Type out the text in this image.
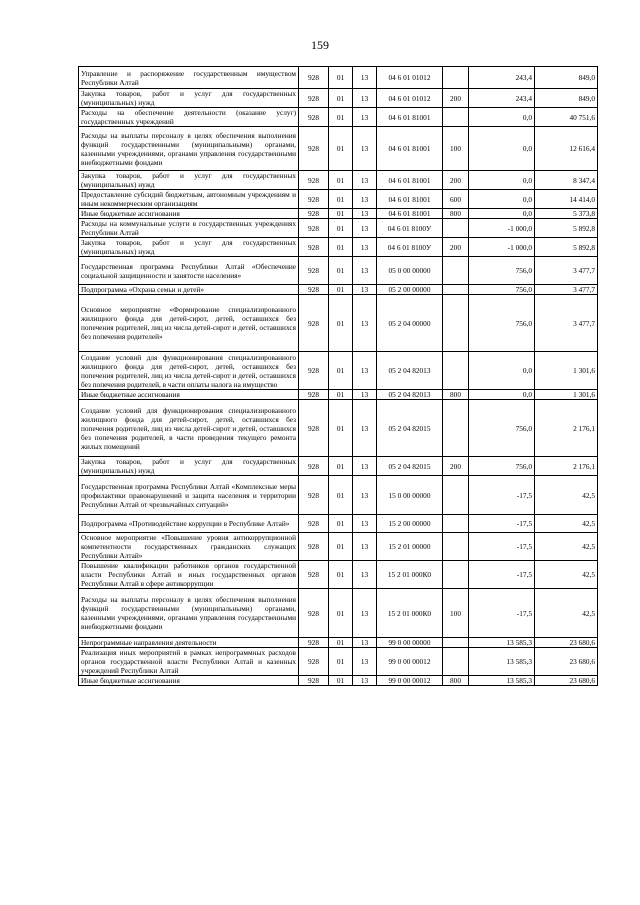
159
Управление и распоряжение государственным имуществом Республики Алтай	928	01	13	04 6 01 01012		243,4	849,0
Закупка товаров, работ и услуг для государственных (муниципальных) нужд	928	01	13	04 6 01 01012	200	243,4	849,0
Расходы на обеспечение деятельности (оказание услуг) государственных учреждений	928	01	13	04 6 01 81001		0,0	40 751,6
Расходы на выплаты персоналу в целях обеспечения выполнения функций государственными (муниципальными) органами, казенными учреждениями, органами управления государственными внебюджетными фондами	928	01	13	04 6 01 81001	100	0,0	12 616,4
Закупка товаров, работ и услуг для государственных (муниципальных) нужд	928	01	13	04 6 01 81001	200	0,0	8 347,4
Предоставление субсидий бюджетным, автономным учреждениям и иным некоммерческим организациям	928	01	13	04 6 01 81001	600	0,0	14 414,0
Иные бюджетные ассигнования	928	01	13	04 6 01 81001	800	0,0	5 373,8
Расходы на коммунальные услуги в государственных учреждениях Республики Алтай	928	01	13	04 6 01 8100У		-1 000,0	5 892,8
Закупка товаров, работ и услуг для государственных (муниципальных) нужд	928	01	13	04 6 01 8100У	200	-1 000,0	5 892,8
Государственная программа Республики Алтай «Обеспечение социальной защищенности и занятости населения»	928	01	13	05 0 00 00000		756,0	3 477,7
Подпрограмма «Охрана семьи и детей»	928	01	13	05 2 00 00000		756,0	3 477,7
Основное мероприятие «Формирование специализированного жилищного фонда для детей-сирот, детей, оставшихся без попечения родителей, лиц из числа детей-сирот и детей, оставшихся без попечения родителей»	928	01	13	05 2 04 00000		756,0	3 477,7
Создание условий для функционирования специализированного жилищного фонда для детей-сирот, детей, оставшихся без попечения родителей, лиц из числа детей-сирот и детей, оставшихся без попечения родителей, в части оплаты налога на имущество	928	01	13	05 2 04 82013		0,0	1 301,6
Иные бюджетные ассигнования	928	01	13	05 2 04 82013	800	0,0	1 301,6
Создание условий для функционирования специализированного жилищного фонда для детей-сирот, детей, оставшихся без попечения родителей, лиц из числа детей-сирот и детей, оставшихся без попечения родителей, в части проведения текущего ремонта жилых помещений	928	01	13	05 2 04 82015		756,0	2 176,1
Закупка товаров, работ и услуг для государственных (муниципальных) нужд	928	01	13	05 2 04 82015	200	756,0	2 176,1
Государственная программа Республики Алтай «Комплексные меры профилактики правонарушений и защита населения и территории Республики Алтай от чрезвычайных ситуаций»	928	01	13	15 0 00 00000		-17,5	42,5
Подпрограмма «Противодействие коррупции в Республике Алтай»	928	01	13	15 2 00 00000		-17,5	42,5
Основное мероприятие «Повышение уровня антикоррупционной компетентности государственных гражданских служащих Республики Алтай»	928	01	13	15 2 01 00000		-17,5	42,5
Повышение квалификации работников органов государственной власти Республики Алтай и иных государственных органов Республики Алтай в сфере антикоррупции	928	01	13	15 2 01 000К0		-17,5	42,5
Расходы на выплаты персоналу в целях обеспечения выполнения функций государственными (муниципальными) органами, казенными учреждениями, органами управления государственными внебюджетными фондами	928	01	13	15 2 01 000К0	100	-17,5	42,5
Непрограммные направления деятельности	928	01	13	99 0 00 00000		13 585,3	23 680,6
Реализация иных мероприятий в рамках непрограммных расходов органов государственной власти Республики Алтай и казенных учреждений Республики Алтай	928	01	13	99 0 00 00012		13 585,3	23 680,6
Иные бюджетные ассигнования	928	01	13	99 0 00 00012	800	13 585,3	23 680,6
